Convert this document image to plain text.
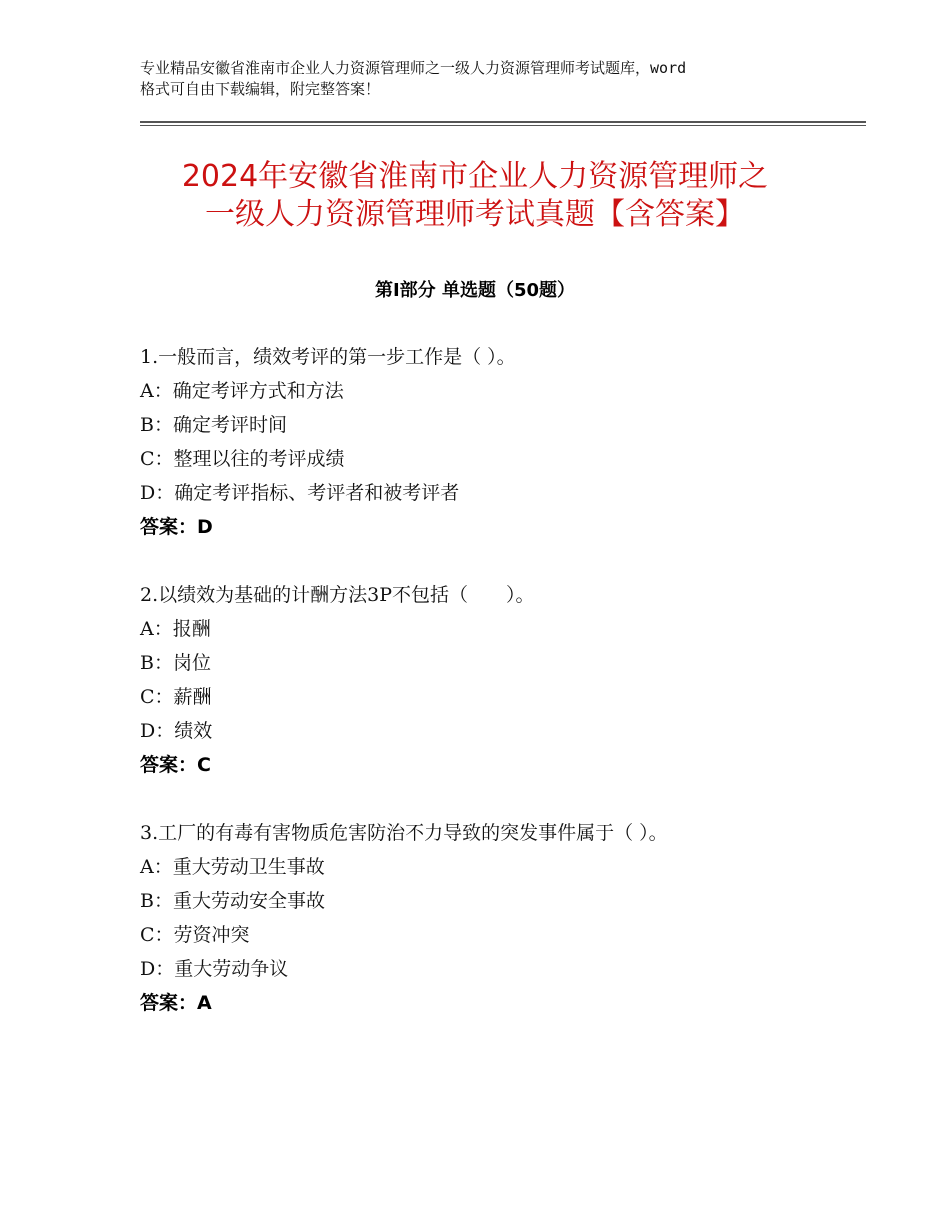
专业精品安徽省淮南市企业人力资源管理师之一级人力资源管理师考试题库，word
格式可自由下载编辑，附完整答案！
2024年安徽省淮南市企业人力资源管理师之
一级人力资源管理师考试真题【含答案】
第Ⅰ部分 单选题（50题）
1.一般而言，绩效考评的第一步工作是（ ）。
A：确定考评方式和方法
B：确定考评时间
C：整理以往的考评成绩
D：确定考评指标、考评者和被考评者
答案：D
2.以绩效为基础的计酬方法3P不包括（　　）。
A：报酬
B：岗位
C：薪酬
D：绩效
答案：C
3.工厂的有毒有害物质危害防治不力导致的突发事件属于（ ）。
A：重大劳动卫生事故
B：重大劳动安全事故
C：劳资冲突
D：重大劳动争议
答案：A
